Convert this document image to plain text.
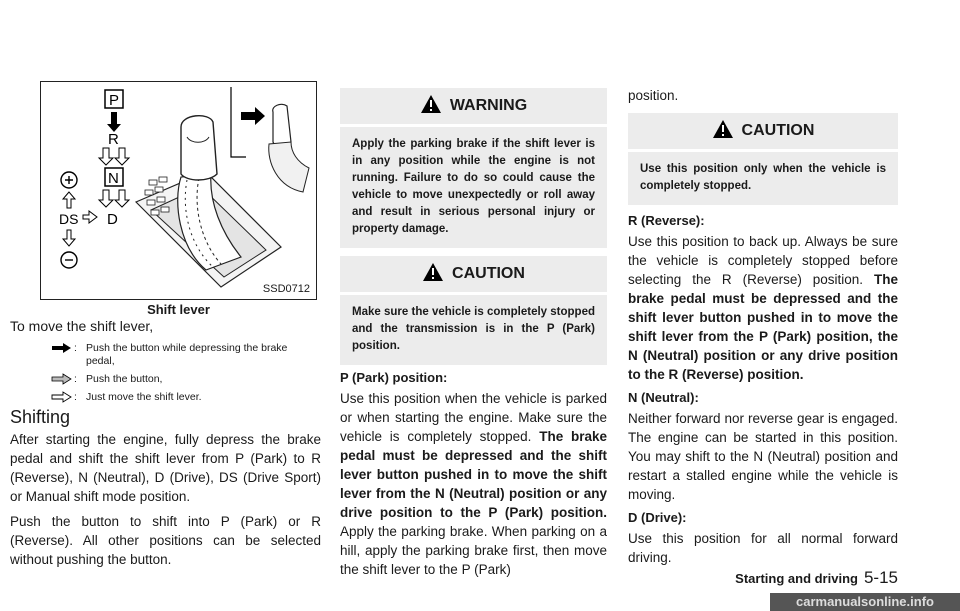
P
R
N
D
DS
SSD0712
Shift lever
To move the shift lever,
: Push the button while depressing the brake pedal,
: Push the button,
: Just move the shift lever.
Shifting

After starting the engine, fully depress the brake pedal and shift the shift lever from P (Park) to R (Reverse), N (Neutral), D (Drive), DS (Drive Sport) or Manual shift mode position.

Push the button to shift into P (Park) or R (Reverse). All other positions can be selected without pushing the button.

WARNING
Apply the parking brake if the shift lever is in any position while the engine is not running. Failure to do so could cause the vehicle to move unexpectedly or roll away and result in serious personal injury or property damage.
CAUTION
Make sure the vehicle is completely stopped and the transmission is in the P (Park) position.

P (Park) position:

Use this position when the vehicle is parked or when starting the engine. Make sure the vehicle is completely stopped. The brake pedal must be depressed and the shift lever button pushed in to move the shift lever from the N (Neutral) position or any drive position to the P (Park) position. Apply the parking brake. When parking on a hill, apply the parking brake first, then move the shift lever to the P (Park)

position.
CAUTION
Use this position only when the vehicle is completely stopped.

R (Reverse):

Use this position to back up. Always be sure the vehicle is completely stopped before selecting the R (Reverse) position. The brake pedal must be depressed and the shift lever button pushed in to move the shift lever from the P (Park) position, the N (Neutral) position or any drive position to the R (Reverse) position.

N (Neutral):

Neither forward nor reverse gear is engaged. The engine can be started in this position. You may shift to the N (Neutral) position and restart a stalled engine while the vehicle is moving.

D (Drive):

Use this position for all normal forward driving.

Starting and driving 5-15
carmanualsonline.info
